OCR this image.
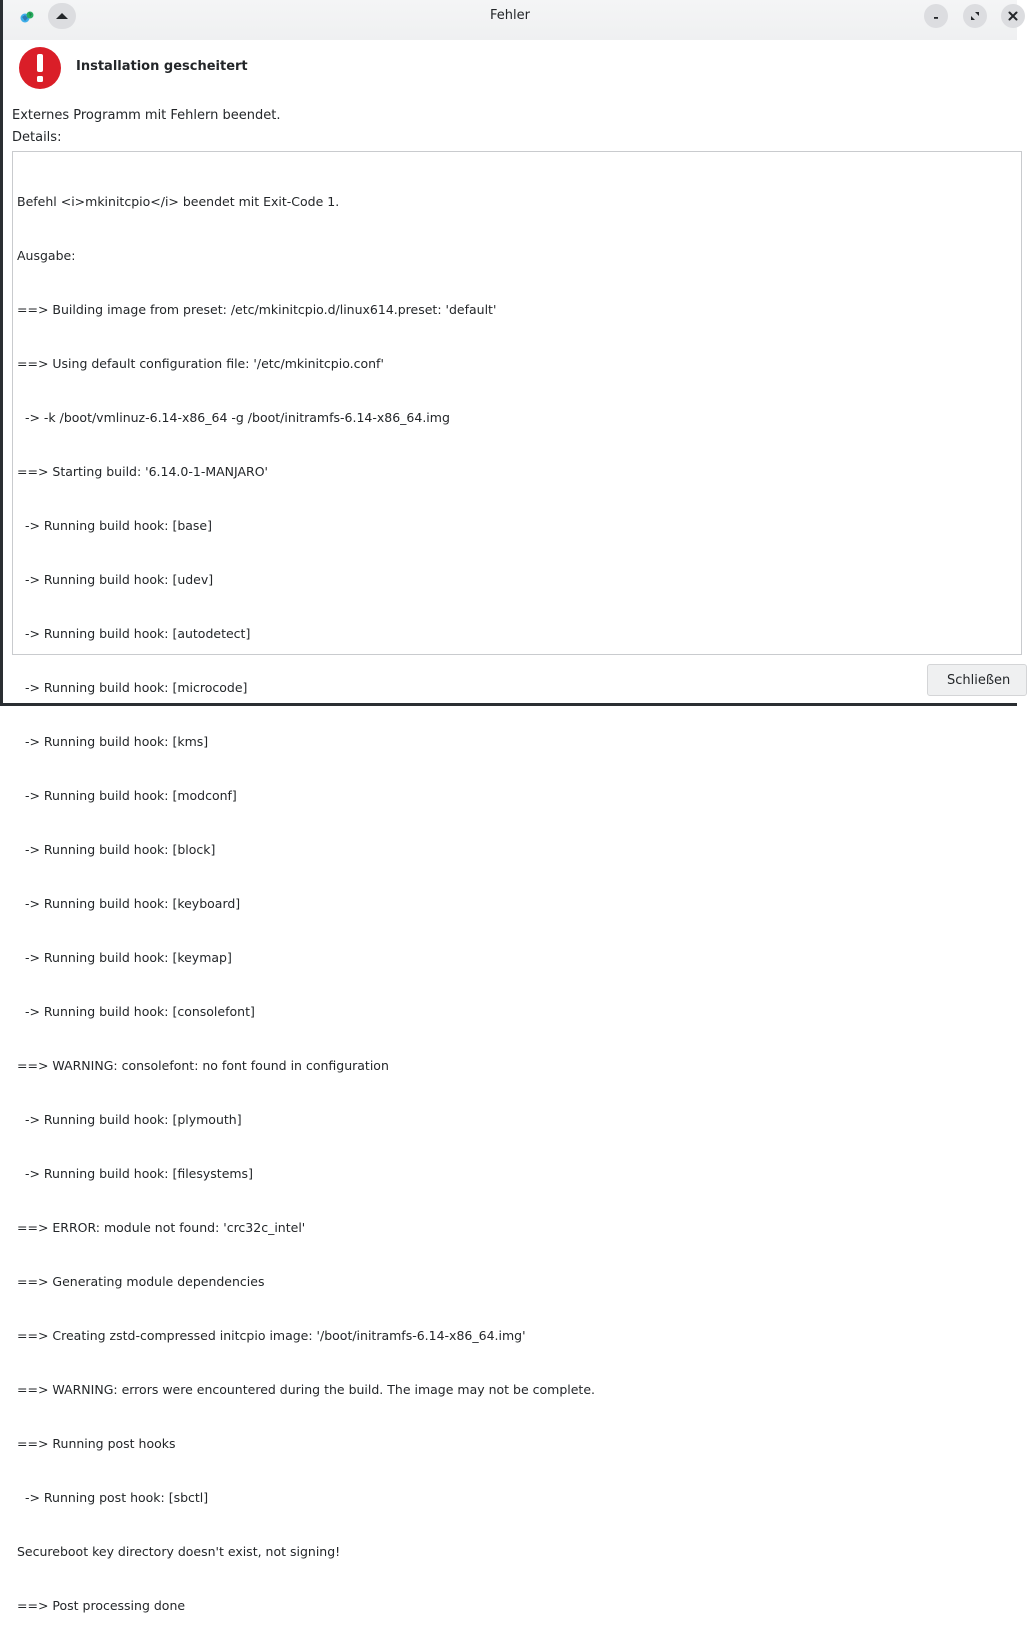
Fehler
Installation gescheitert
Externes Programm mit Fehlern beendet.
Details:

Befehl <i>mkinitcpio</i> beendet mit Exit-Code 1.

Ausgabe:

==> Building image from preset: /etc/mkinitcpio.d/linux614.preset: 'default'

==> Using default configuration file: '/etc/mkinitcpio.conf'

-> -k /boot/vmlinuz-6.14-x86_64 -g /boot/initramfs-6.14-x86_64.img

==> Starting build: '6.14.0-1-MANJARO'

-> Running build hook: [base]

-> Running build hook: [udev]

-> Running build hook: [autodetect]

-> Running build hook: [microcode]

-> Running build hook: [kms]

-> Running build hook: [modconf]

-> Running build hook: [block]

-> Running build hook: [keyboard]

-> Running build hook: [keymap]

-> Running build hook: [consolefont]

==> WARNING: consolefont: no font found in configuration

-> Running build hook: [plymouth]

-> Running build hook: [filesystems]

==> ERROR: module not found: 'crc32c_intel'

==> Generating module dependencies

==> Creating zstd-compressed initcpio image: '/boot/initramfs-6.14-x86_64.img'

==> WARNING: errors were encountered during the build. The image may not be complete.

==> Running post hooks

-> Running post hook: [sbctl]

Secureboot key directory doesn't exist, not signing!

==> Post processing done

Schließen
